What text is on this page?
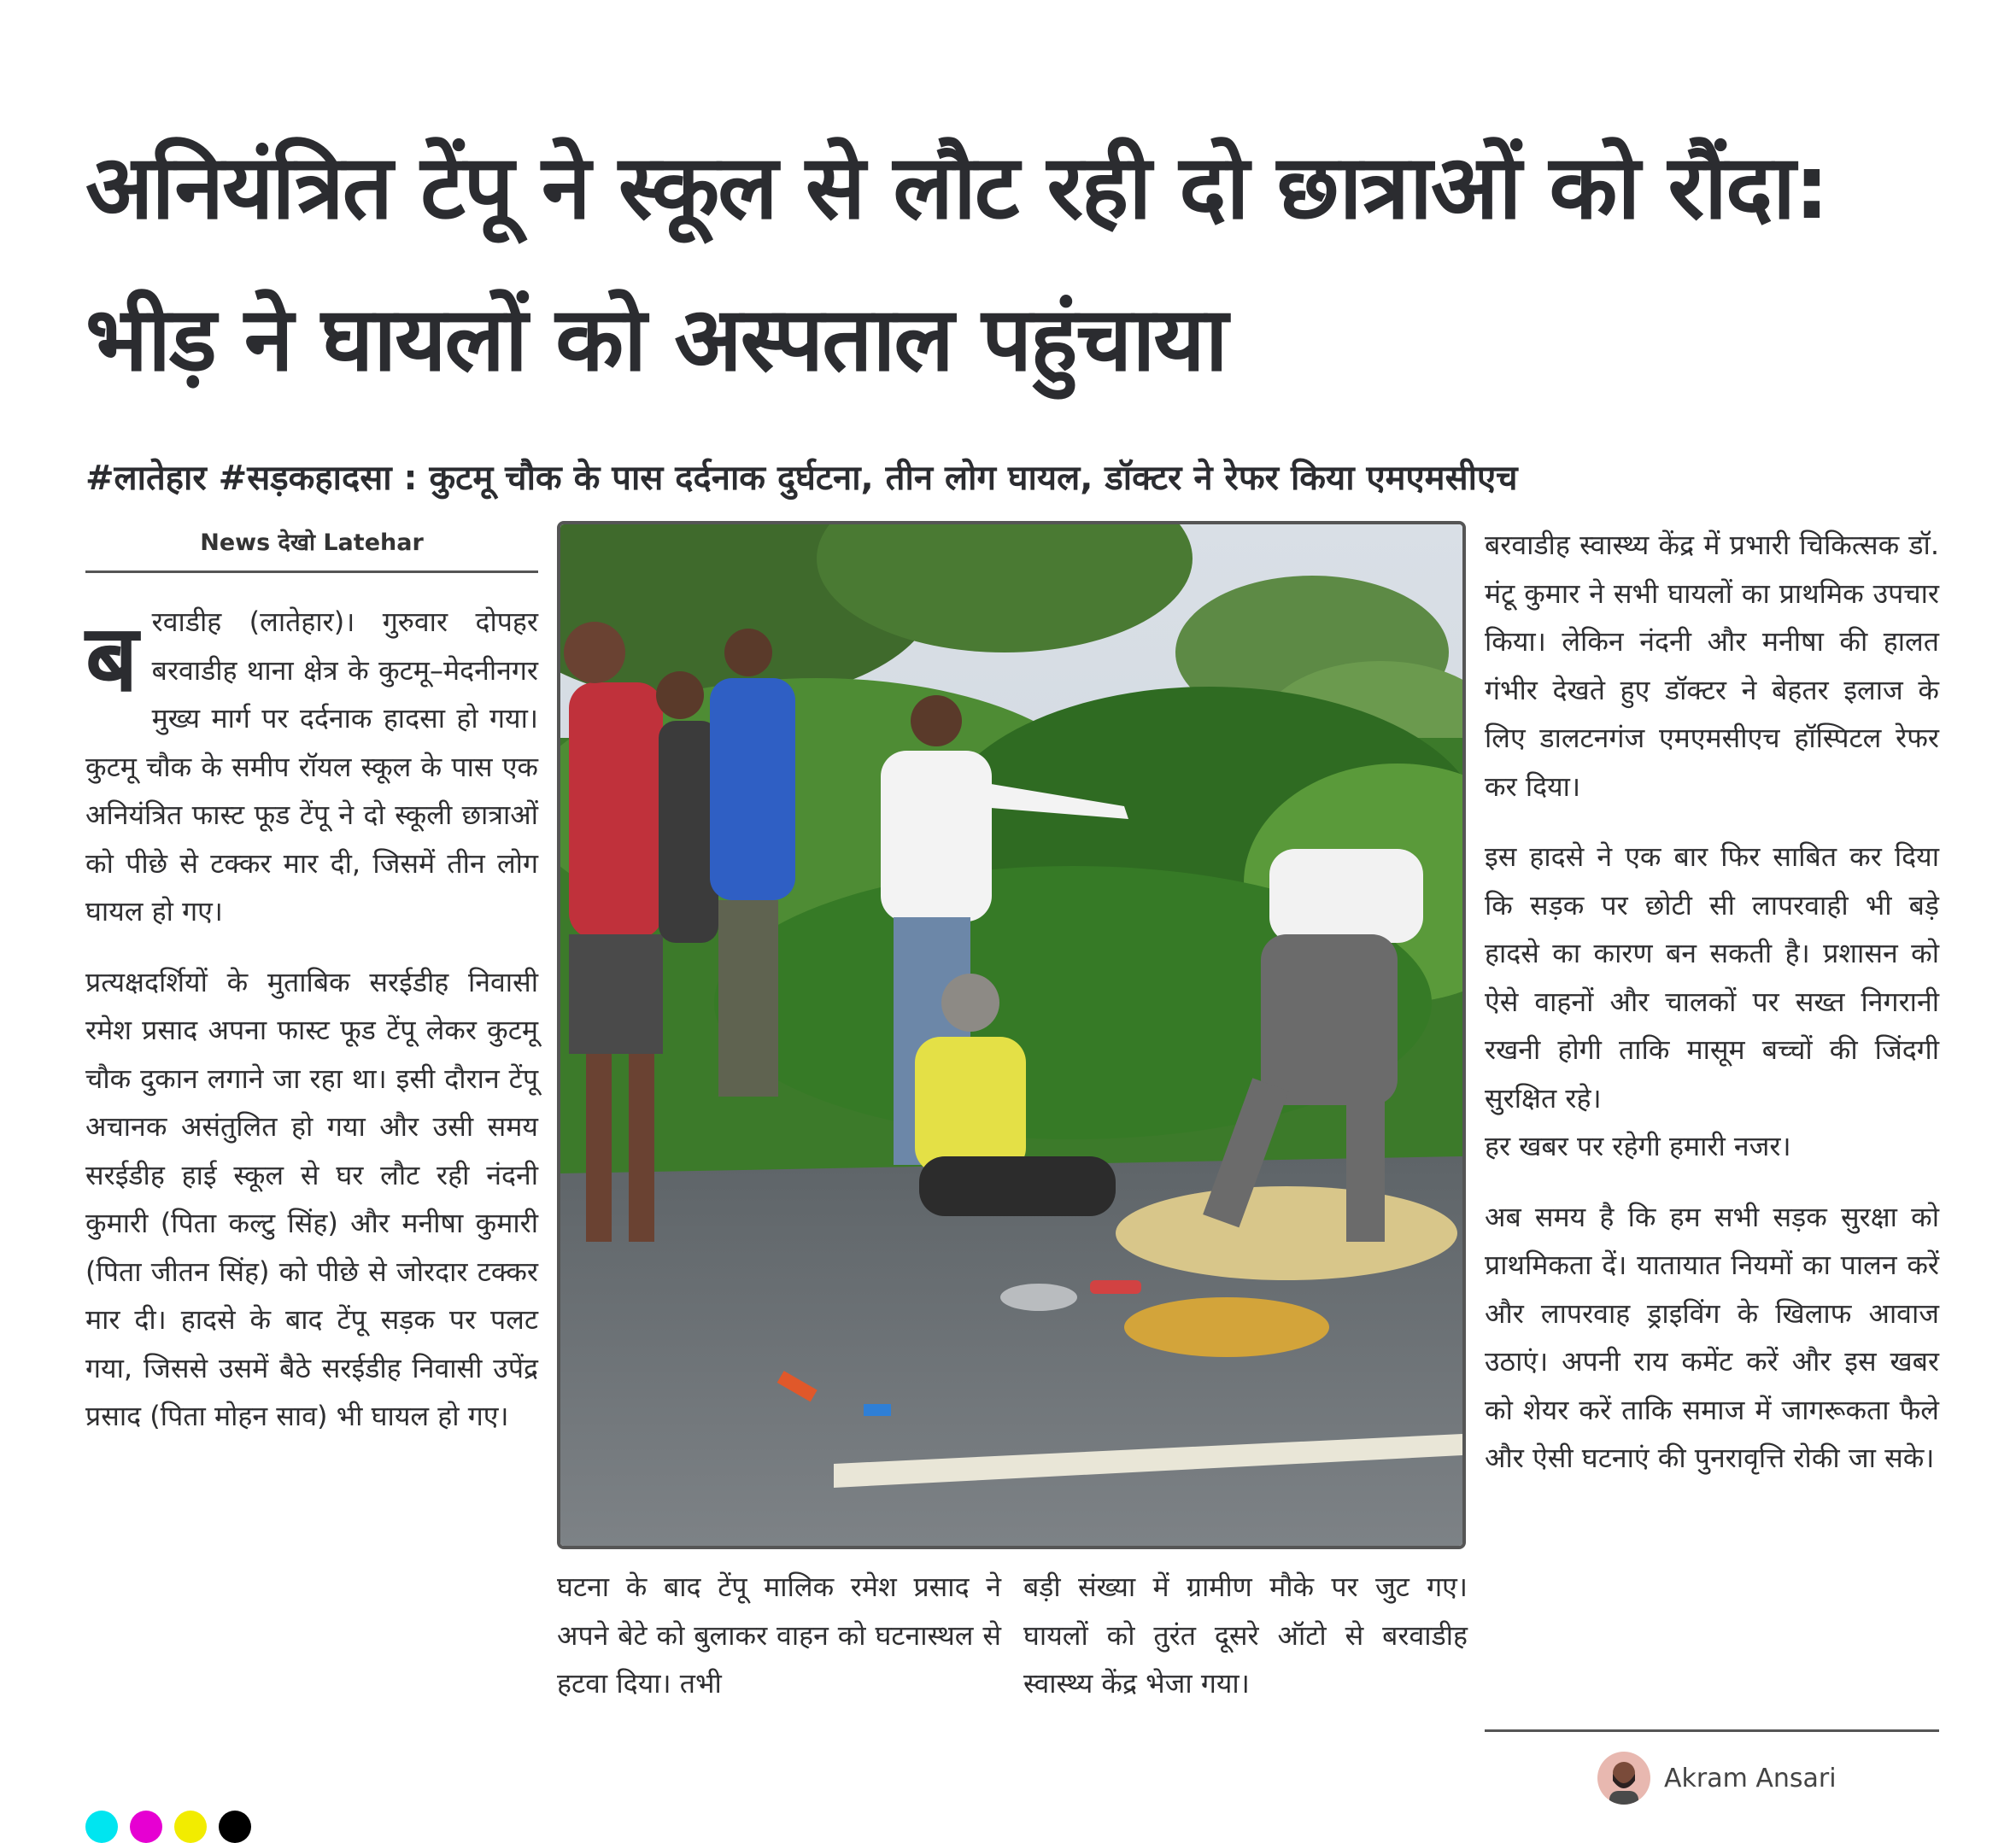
अनियंत्रित टेंपू ने स्कूल से लौट रही दो छात्राओं को रौंदा: भीड़ ने घायलों को अस्पताल पहुंचाया
#लातेहार #सड़कहादसा : कुटमू चौक के पास दर्दनाक दुर्घटना, तीन लोग घायल, डॉक्टर ने रेफर किया एमएमसीएच
News देखो Latehar

बरवाडीह (लातेहार)। गुरुवार दोपहर बरवाडीह थाना क्षेत्र के कुटमू–मेदनीनगर मुख्य मार्ग पर दर्दनाक हादसा हो गया। कुटमू चौक के समीप रॉयल स्कूल के पास एक अनियंत्रित फास्ट फूड टेंपू ने दो स्कूली छात्राओं को पीछे से टक्कर मार दी, जिसमें तीन लोग घायल हो गए।

प्रत्यक्षदर्शियों के मुताबिक सरईडीह निवासी रमेश प्रसाद अपना फास्ट फूड टेंपू लेकर कुटमू चौक दुकान लगाने जा रहा था। इसी दौरान टेंपू अचानक असंतुलित हो गया और उसी समय सरईडीह हाई स्कूल से घर लौट रही नंदनी कुमारी (पिता कल्टु सिंह) और मनीषा कुमारी (पिता जीतन सिंह) को पीछे से जोरदार टक्कर मार दी। हादसे के बाद टेंपू सड़क पर पलट गया, जिससे उसमें बैठे सरईडीह निवासी उपेंद्र प्रसाद (पिता मोहन साव) भी घायल हो गए।

घटना के बाद टेंपू मालिक रमेश प्रसाद ने अपने बेटे को बुलाकर वाहन को घटनास्थल से हटवा दिया। तभी

बड़ी संख्या में ग्रामीण मौके पर जुट गए। घायलों को तुरंत दूसरे ऑटो से बरवाडीह स्वास्थ्य केंद्र भेजा गया।

बरवाडीह स्वास्थ्य केंद्र में प्रभारी चिकित्सक डॉ. मंटू कुमार ने सभी घायलों का प्राथमिक उपचार किया। लेकिन नंदनी और मनीषा की हालत गंभीर देखते हुए डॉक्टर ने बेहतर इलाज के लिए डालटनगंज एमएमसीएच हॉस्पिटल रेफर कर दिया।

इस हादसे ने एक बार फिर साबित कर दिया कि सड़क पर छोटी सी लापरवाही भी बड़े हादसे का कारण बन सकती है। प्रशासन को ऐसे वाहनों और चालकों पर सख्त निगरानी रखनी होगी ताकि मासूम बच्चों की जिंदगी सुरक्षित रहे।

हर खबर पर रहेगी हमारी नजर।

अब समय है कि हम सभी सड़क सुरक्षा को प्राथमिकता दें। यातायात नियमों का पालन करें और लापरवाह ड्राइविंग के खिलाफ आवाज उठाएं। अपनी राय कमेंट करें और इस खबर को शेयर करें ताकि समाज में जागरूकता फैले और ऐसी घटनाएं की पुनरावृत्ति रोकी जा सके।

Akram Ansari
